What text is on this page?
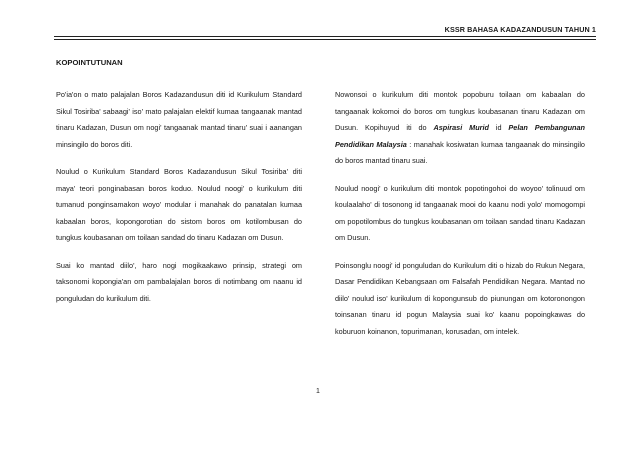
KSSR BAHASA KADAZANDUSUN TAHUN 1
KOPOINTUTUNAN

Po'ia'on o mato palajalan Boros Kadazandusun diti id Kurikulum Standard Sikul Tosiriba' sabaagi' iso' mato palajalan elektif kumaa tangaanak mantad tinaru Kadazan, Dusun om nogi' tangaanak mantad tinaru' suai i aanangan minsingilo do boros diti.

Noulud o Kurikulum Standard Boros Kadazandusun Sikul Tosiriba' diti maya' teori ponginabasan boros koduo. Noulud noogi' o kurikulum diti tumanud ponginsamakon woyo' modular i manahak do panatalan kumaa kabaalan boros, kopongorotian do sistom boros om kotilombusan do tungkus koubasanan om toilaan sandad do tinaru Kadazan om Dusun.

Suai ko mantad diilo', haro nogi mogikaakawo prinsip, strategi om taksonomi kopongia'an om pambalajalan boros di notimbang om naanu id ponguludan do kurikulum diti.

Nowonsoi o kurikulum diti montok popoburu toilaan om kabaalan do tangaanak kokomoi do boros om tungkus koubasanan tinaru Kadazan om Dusun. Kopihuyud iti do Aspirasi Murid id Pelan Pembangunan Pendidikan Malaysia : manahak kosiwatan kumaa tangaanak do minsingilo do boros mantad tinaru suai.

Noulud noogi' o kurikulum diti montok popotingohoi do woyoo' tolinuud om koulaalaho' di tosonong id tangaanak mooi do kaanu nodi yolo' momogompi om popotilombus do tungkus koubasanan om toilaan sandad tinaru Kadazan om Dusun.

Poinsonglu noogi' id ponguludan do Kurikulum diti o hizab do Rukun Negara, Dasar Pendidikan Kebangsaan om Falsafah Pendidikan Negara. Mantad no diilo' noulud iso' kurikulum di kopongunsub do piunungan om kotoronongon toinsanan tinaru id pogun Malaysia suai ko' kaanu popoingkawas do koburuon koinanon, topurimanan, korusadan, om intelek.

1
